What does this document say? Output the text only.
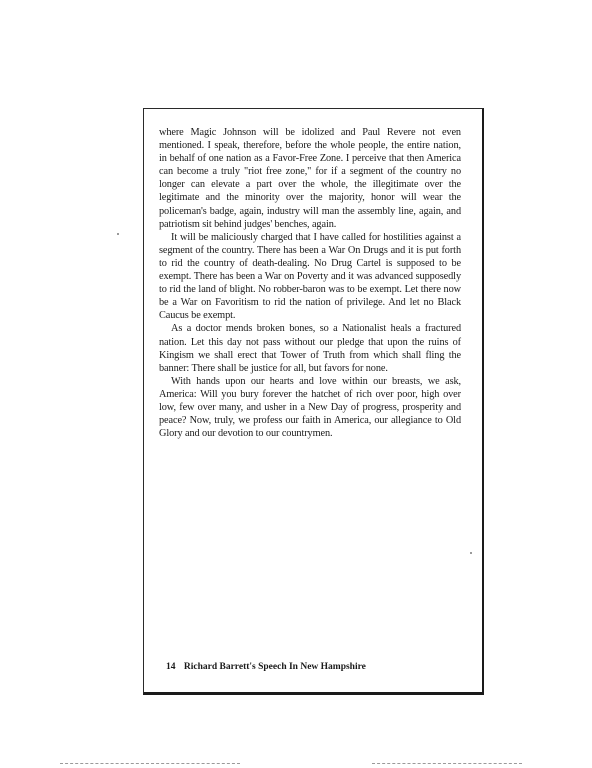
where Magic Johnson will be idolized and Paul Revere not even mentioned. I speak, therefore, before the whole people, the entire nation, in behalf of one nation as a Favor-Free Zone. I perceive that then America can become a truly "riot free zone," for if a segment of the country no longer can elevate a part over the whole, the illegitimate over the legitimate and the minority over the majority, honor will wear the policeman's badge, again, industry will man the assembly line, again, and patriotism sit behind judges' benches, again.

It will be maliciously charged that I have called for hostilities against a segment of the country. There has been a War On Drugs and it is put forth to rid the country of death-dealing. No Drug Cartel is supposed to be exempt. There has been a War on Poverty and it was advanced supposedly to rid the land of blight. No robber-baron was to be exempt. Let there now be a War on Favoritism to rid the nation of privilege. And let no Black Caucus be exempt.

As a doctor mends broken bones, so a Nationalist heals a fractured nation. Let this day not pass without our pledge that upon the ruins of Kingism we shall erect that Tower of Truth from which shall fling the banner: There shall be justice for all, but favors for none.

With hands upon our hearts and love within our breasts, we ask, America: Will you bury forever the hatchet of rich over poor, high over low, few over many, and usher in a New Day of progress, prosperity and peace? Now, truly, we profess our faith in America, our allegiance to Old Glory and our devotion to our countrymen.

14 Richard Barrett's Speech In New Hampshire
